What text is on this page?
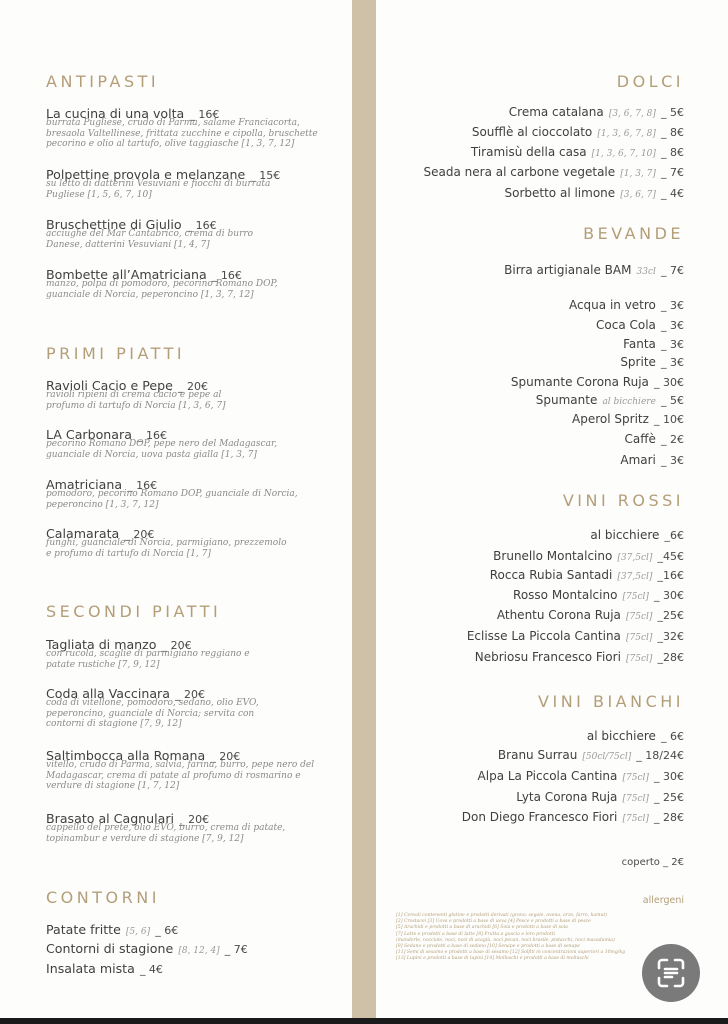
ANTIPASTI
La cucina di una volta _ 16€
burrata Pugliese, crudo di Parma, salame Franciacorta, bresaola Valtellinese, frittata zucchine e cipolla, bruschette pecorino e olio al tartufo, olive taggiasche [1, 3, 7, 12]
Polpettine provola e melanzane _ 15€
su letto di datterini Vesuviani e fiocchi di burrata Pugliese [1, 5, 6, 7, 10]
Bruschettine di Giulio _ 16€
acciughe del Mar Cantabrico, crema di burro Danese, datterini Vesuviani [1, 4, 7]
Bombette all’Amatriciana _ 16€
manzo, polpa di pomodoro, pecorino Romano DOP, guanciale di Norcia, peperoncino [1, 3, 7, 12]
PRIMI PIATTI
Ravioli Cacio e Pepe _ 20€
ravioli ripieni di crema cacio e pepe al profumo di tartufo di Norcia [1, 3, 6, 7]
LA Carbonara _ 16€
pecorino Romano DOP, pepe nero del Madagascar, guanciale di Norcia, uova pasta gialla [1, 3, 7]
Amatriciana _ 16€
pomodoro, pecorino Romano DOP, guanciale di Norcia, peperoncino [1, 3, 7, 12]
Calamarata _ 20€
funghi, guanciale di Norcia, parmigiano, prezzemolo e profumo di tartufo di Norcia [1, 7]
SECONDI PIATTI
Tagliata di manzo _ 20€
con rucola, scaglie di parmigiano reggiano e patate rustiche [7, 9, 12]
Coda alla Vaccinara _ 20€
coda di vitellone, pomodoro, sedano, olio EVO, peperoncino, guanciale di Norcia; servita con contorni di stagione [7, 9, 12]
Saltimbocca alla Romana _ 20€
vitello, crudo di Parma, salvia, farina, burro, pepe nero del Madagascar, crema di patate al profumo di rosmarino e verdure di stagione [1, 7, 12]
Brasato al Cagnulari _ 20€
cappello del prete, olio EVO, burro, crema di patate, topinambur e verdure di stagione [7, 9, 12]
CONTORNI
Patate fritte [5, 6] _ 6€
Contorni di stagione [8, 12, 4] _ 7€
Insalata mista _ 4€
DOLCI
Crema catalana [3, 6, 7, 8] _ 5€
Soufflè al cioccolato [1, 3, 6, 7, 8] _ 8€
Tiramisù della casa [1, 3, 6, 7, 10] _ 8€
Seada nera al carbone vegetale [1, 3, 7] _ 7€
Sorbetto al limone [3, 6, 7] _ 4€
BEVANDE
Birra artigianale BAM 33cl _ 7€
Acqua in vetro _ 3€
Coca Cola _ 3€
Fanta _ 3€
Sprite _ 3€
Spumante Corona Ruja _ 30€
Spumante al bicchiere _ 5€
Aperol Spritz _ 10€
Caffè _ 2€
Amari _ 3€
VINI ROSSI
al bicchiere _6€
Brunello Montalcino [37,5cl] _45€
Rocca Rubia Santadi [37,5cl] _16€
Rosso Montalcino [75cl] _ 30€
Athentu Corona Ruja [75cl] _25€
Eclisse La Piccola Cantina [75cl] _32€
Nebriosu Francesco Fiori [75cl] _28€
VINI BIANCHI
al bicchiere _ 6€
Branu Surrau [50cl/75cl] _ 18/24€
Alpa La Piccola Cantina [75cl] _ 30€
Lyta Corona Ruja [75cl] _ 25€
Don Diego Francesco Fiori [75cl] _ 28€
coperto _ 2€
allergeni
[1] Cereali contenenti glutine e prodotti derivati (grano, segale, avena, orzo, farro, kamut)
[2] Crostacei [3] Uova e prodotti a base di uova [4] Pesce e prodotti a base di pesce
[5] Arachidi e prodotti a base di arachidi [6] Soia e prodotti a base di soia
[7] Latte e prodotti a base di latte [8] Frutta a guscio e loro prodotti
(mandorle, nocciole, noci, noci di acagiù, noci pecan, noci brasile, pistacchi, noci macadamia)
[9] Sedano e prodotti a base di sedano [10] Senape e prodotti a base di senape
[11] Semi di sesamo e prodotti a base di sesamo [12] Solfiti in concentrazioni superiori a 10mg/kg
[13] Lupini e prodotti a base di lupini [14] Molluschi e prodotti a base di molluschi
